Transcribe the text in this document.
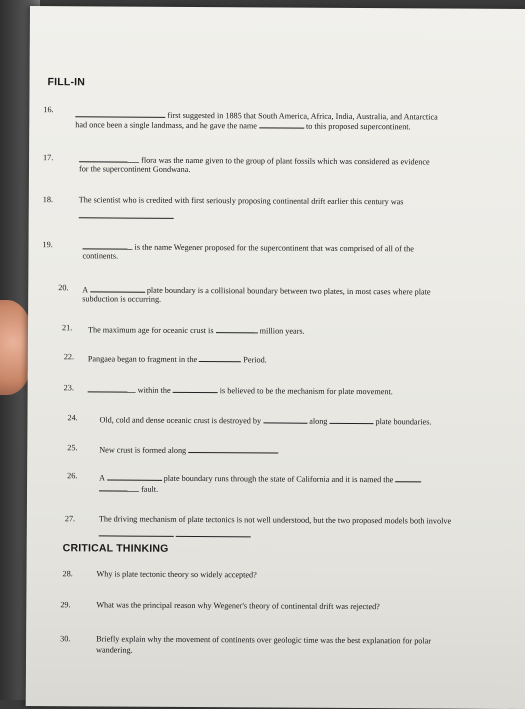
FILL-IN
16.
first suggested in 1885 that South America, Africa, India, Australia, and Antarctica
had once been a single landmass, and he gave the name	to this proposed supercontinent.
17.	flora was the name given to the group of plant fossils which was considered as evidence
for the supercontinent Gondwana.
18.	The scientist who is credited with first seriously proposing continental drift earlier this century was
19.	is the name Wegener proposed for the supercontinent that was comprised of all of the
continents.
20. A	plate boundary is a collisional boundary between two plates, in most cases where plate
subduction is occurring.
21. The maximum age for oceanic crust is	million years.
22. Pangaea began to fragment in the	Period.
23.	within the	is believed to be the mechanism for plate movement.
24.	Old, cold and dense oceanic crust is destroyed by	along	plate boundaries.
25.	New crust is formed along
26.	A	plate boundary runs through the state of California and it is named the
fault.
27.	The driving mechanism of plate tectonics is not well understood, but the two proposed models both involve

CRITICAL THINKING
28.	Why is plate tectonic theory so widely accepted?
29.	What was the principal reason why Wegener's theory of continental drift was rejected?
30.	Briefly explain why the movement of continents over geologic time was the best explanation for polar
wandering.
